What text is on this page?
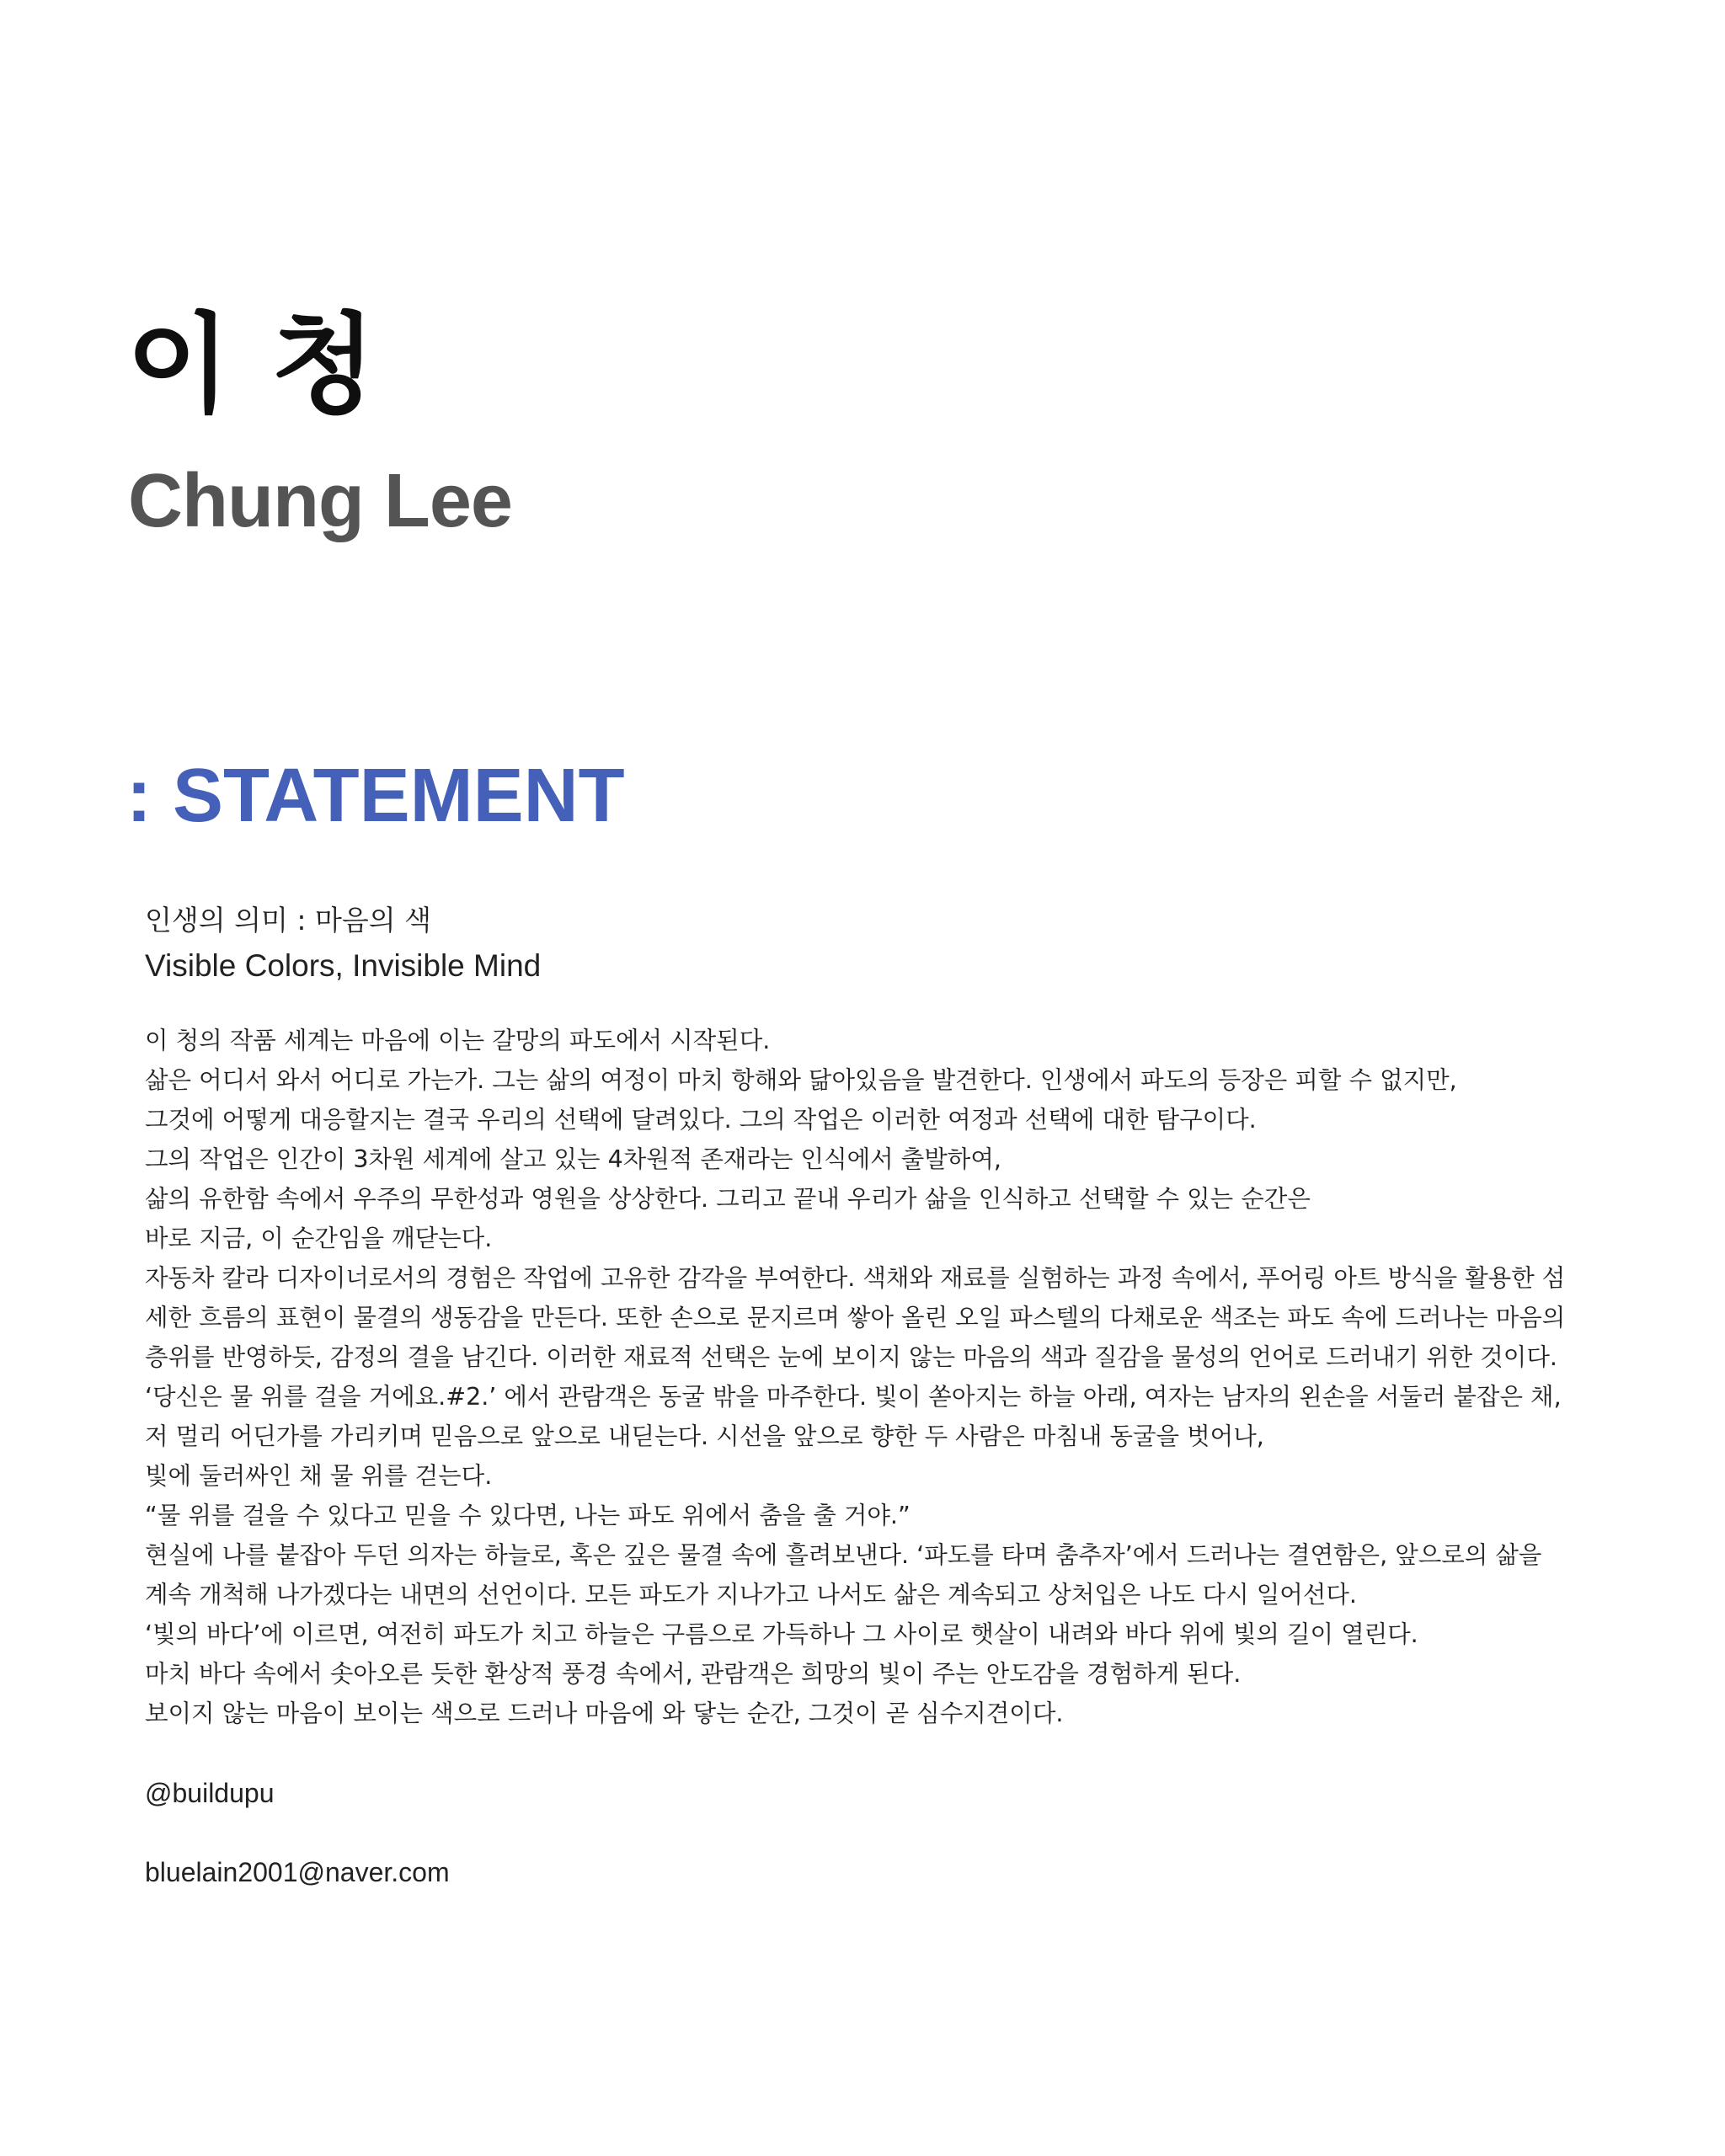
이 청
Chung Lee
: STATEMENT

인생의 의미 : 마음의 색

Visible Colors, Invisible Mind

이 청의 작품 세계는 마음에 이는 갈망의 파도에서 시작된다.
삶은 어디서 와서 어디로 가는가. 그는 삶의 여정이 마치 항해와 닮아있음을 발견한다. 인생에서 파도의 등장은 피할 수 없지만,
그것에 어떻게 대응할지는 결국 우리의 선택에 달려있다. 그의 작업은 이러한 여정과 선택에 대한 탐구이다.
그의 작업은 인간이 3차원 세계에 살고 있는 4차원적 존재라는 인식에서 출발하여,
삶의 유한함 속에서 우주의 무한성과 영원을 상상한다. 그리고 끝내 우리가 삶을 인식하고 선택할 수 있는 순간은
바로 지금, 이 순간임을 깨닫는다.
자동차 칼라 디자이너로서의 경험은 작업에 고유한 감각을 부여한다. 색채와 재료를 실험하는 과정 속에서, 푸어링 아트 방식을 활용한 섬
세한 흐름의 표현이 물결의 생동감을 만든다. 또한 손으로 문지르며 쌓아 올린 오일 파스텔의 다채로운 색조는 파도 속에 드러나는 마음의
층위를 반영하듯, 감정의 결을 남긴다. 이러한 재료적 선택은 눈에 보이지 않는 마음의 색과 질감을 물성의 언어로 드러내기 위한 것이다.
‘당신은 물 위를 걸을 거에요.#2.’ 에서 관람객은 동굴 밖을 마주한다. 빛이 쏟아지는 하늘 아래, 여자는 남자의 왼손을 서둘러 붙잡은 채,
저 멀리 어딘가를 가리키며 믿음으로 앞으로 내딛는다. 시선을 앞으로 향한 두 사람은 마침내 동굴을 벗어나,
빛에 둘러싸인 채 물 위를 걷는다.
“물 위를 걸을 수 있다고 믿을 수 있다면, 나는 파도 위에서 춤을 출 거야.”
현실에 나를 붙잡아 두던 의자는 하늘로, 혹은 깊은 물결 속에 흘려보낸다. ‘파도를 타며 춤추자’에서 드러나는 결연함은, 앞으로의 삶을
계속 개척해 나가겠다는 내면의 선언이다. 모든 파도가 지나가고 나서도 삶은 계속되고 상처입은 나도 다시 일어선다.
‘빛의 바다’에 이르면, 여전히 파도가 치고 하늘은 구름으로 가득하나 그 사이로 햇살이 내려와 바다 위에 빛의 길이 열린다.
마치 바다 속에서 솟아오른 듯한 환상적 풍경 속에서, 관람객은 희망의 빛이 주는 안도감을 경험하게 된다.
보이지 않는 마음이 보이는 색으로 드러나 마음에 와 닿는 순간, 그것이 곧 심수지견이다.

@buildupu

bluelain2001@naver.com
